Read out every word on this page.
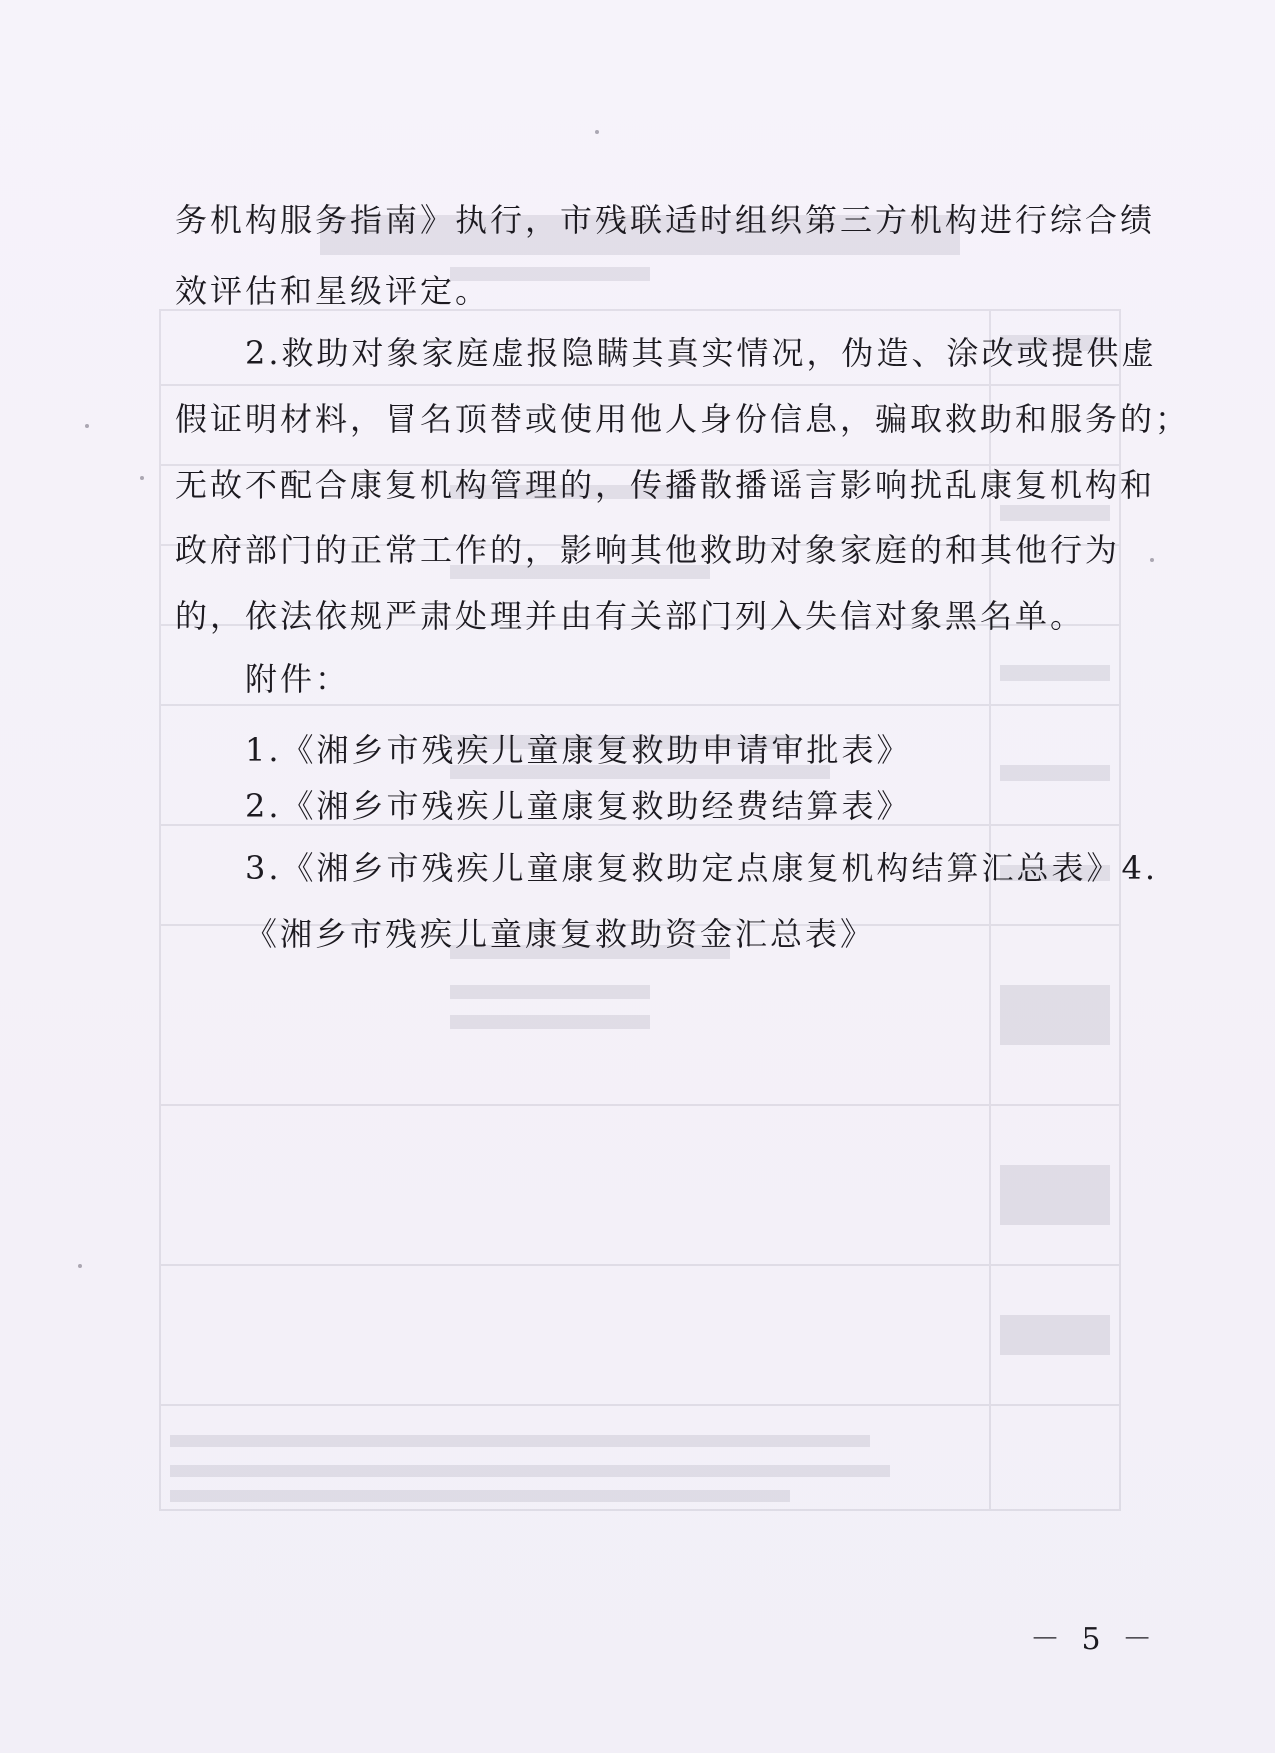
务机构服务指南》执行，市残联适时组织第三方机构进行综合绩
效评估和星级评定。
2.救助对象家庭虚报隐瞒其真实情况，伪造、涂改或提供虚
假证明材料，冒名顶替或使用他人身份信息，骗取救助和服务的；
无故不配合康复机构管理的，传播散播谣言影响扰乱康复机构和
政府部门的正常工作的，影响其他救助对象家庭的和其他行为
的，依法依规严肃处理并由有关部门列入失信对象黑名单。
附件：
1.《湘乡市残疾儿童康复救助申请审批表》
2.《湘乡市残疾儿童康复救助经费结算表》
3.《湘乡市残疾儿童康复救助定点康复机构结算汇总表》4.
《湘乡市残疾儿童康复救助资金汇总表》
－ 5 －
